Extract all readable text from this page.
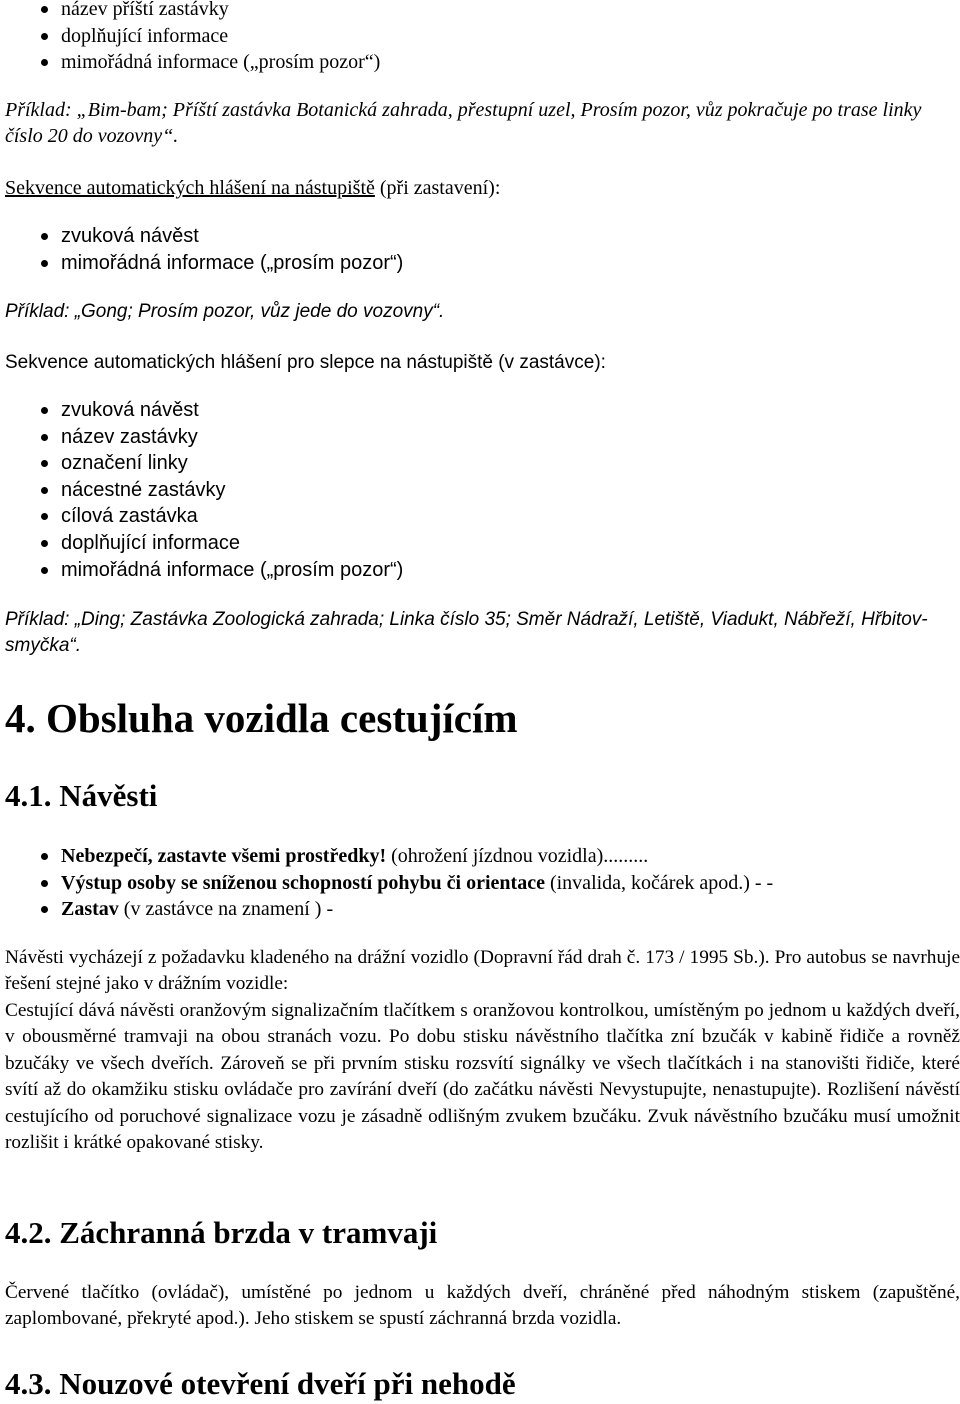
název příští zastávky
doplňující informace
mimořádná informace („prosím pozor“)

Příklad: „Bim-bam; Příští zastávka Botanická zahrada, přestupní uzel, Prosím pozor, vůz pokračuje po trase linky číslo 20 do vozovny“.

Sekvence automatických hlášení na nástupiště (při zastavení):

zvuková návěst
mimořádná informace („prosím pozor“)

Příklad: „Gong; Prosím pozor, vůz jede do vozovny“.

Sekvence automatických hlášení pro slepce na nástupiště (v zastávce):

zvuková návěst
název zastávky
označení linky
nácestné zastávky
cílová zastávka
doplňující informace
mimořádná informace („prosím pozor“)

Příklad: „Ding; Zastávka Zoologická zahrada; Linka číslo 35; Směr Nádraží, Letiště, Viadukt, Nábřeží, Hřbitov-smyčka“.

4. Obsluha vozidla cestujícím
4.1. Návěsti
Nebezpečí, zastavte všemi prostředky! (ohrožení jízdnou vozidla).........
Výstup osoby se sníženou schopností pohybu či orientace (invalida, kočárek apod.) - -
Zastav (v zastávce na znamení ) -

Návěsti vycházejí z požadavku kladeného na drážní vozidlo (Dopravní řád drah č. 173 / 1995 Sb.). Pro autobus se navrhuje řešení stejné jako v drážním vozidle:

Cestující dává návěsti oranžovým signalizačním tlačítkem s oranžovou kontrolkou, umístěným po jednom u každých dveří, v obousměrné tramvaji na obou stranách vozu. Po dobu stisku návěstního tlačítka zní bzučák v kabině řidiče a rovněž bzučáky ve všech dveřích. Zároveň se při prvním stisku rozsvítí signálky ve všech tlačítkách i na stanovišti řidiče, které svítí až do okamžiku stisku ovládače pro zavírání dveří (do začátku návěsti Nevystupujte, nenastupujte). Rozlišení návěstí cestujícího od poruchové signalizace vozu je zásadně odlišným zvukem bzučáku. Zvuk návěstního bzučáku musí umožnit rozlišit i krátké opakované stisky.

4.2. Záchranná brzda v tramvaji

Červené tlačítko (ovládač), umístěné po jednom u každých dveří, chráněné před náhodným stiskem (zapuštěné, zaplombované, překryté apod.). Jeho stiskem se spustí záchranná brzda vozidla.

4.3. Nouzové otevření dveří při nehodě
